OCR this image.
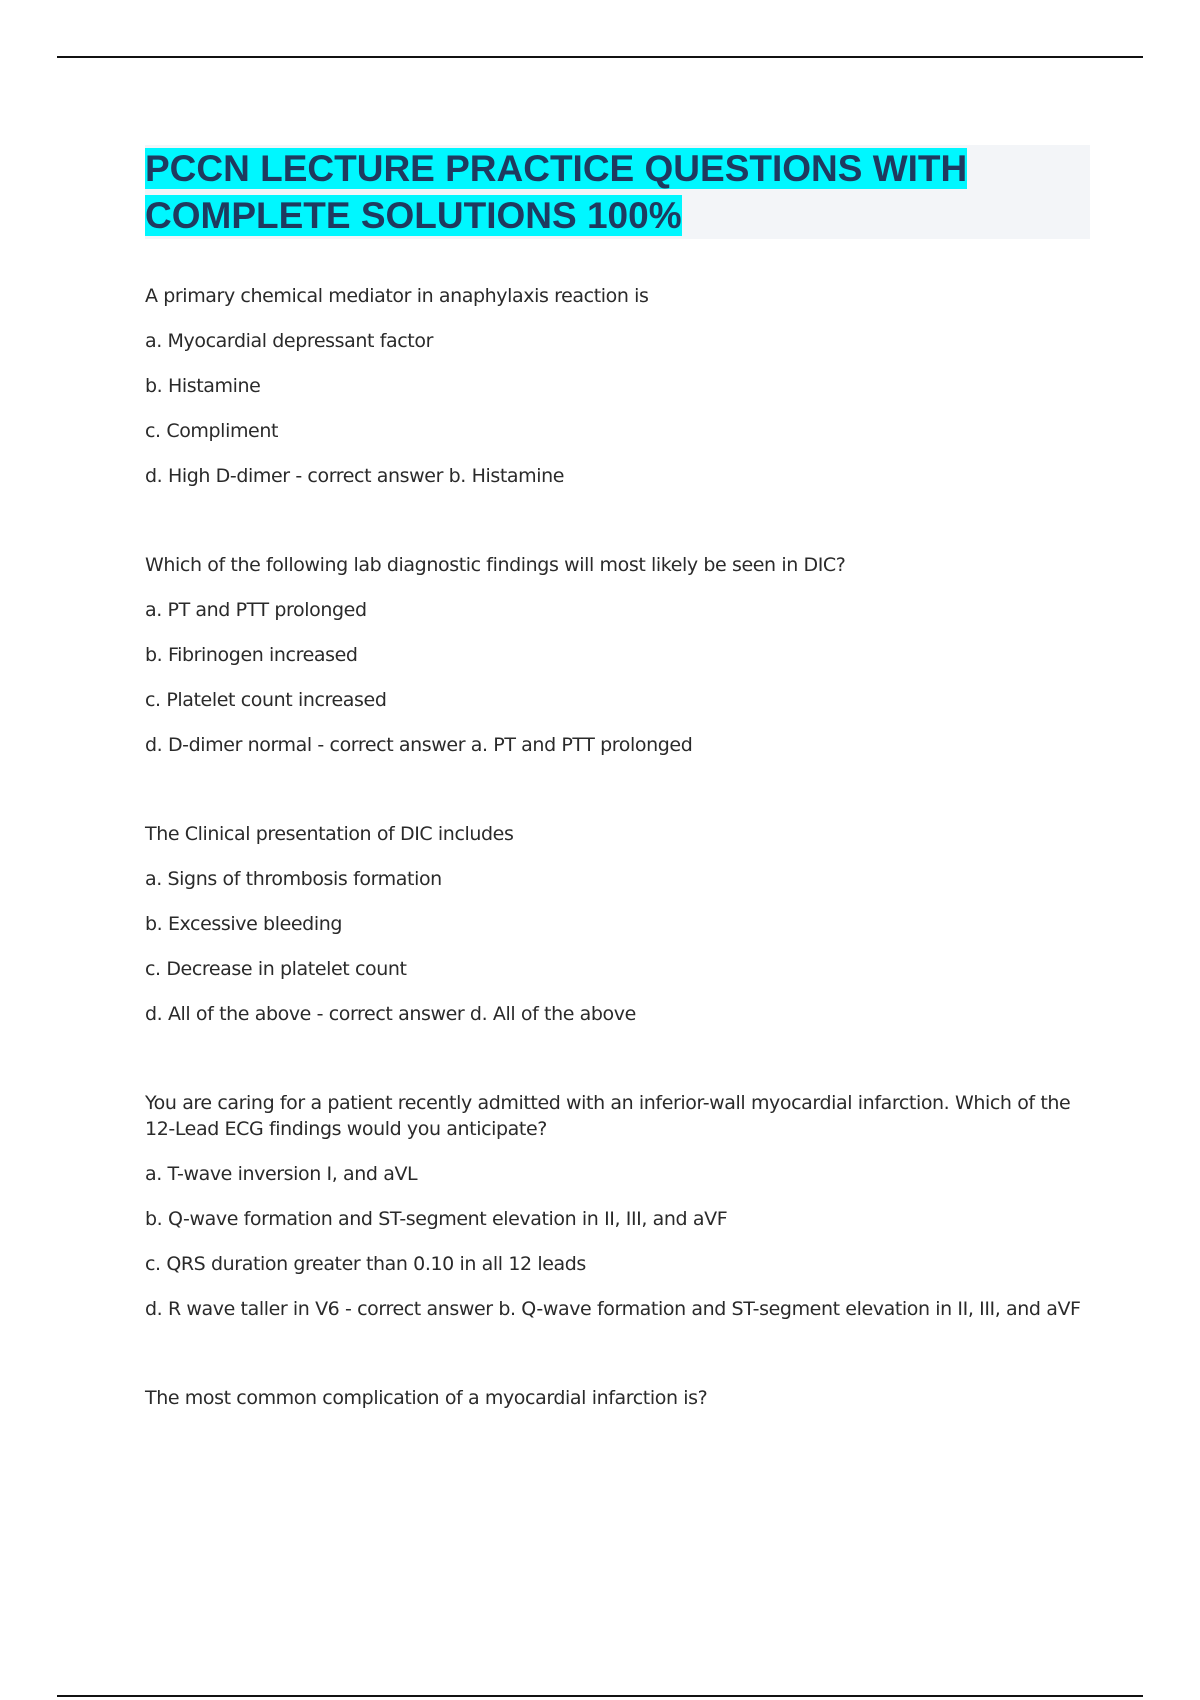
PCCN LECTURE PRACTICE QUESTIONS WITH
COMPLETE SOLUTIONS 100%

A primary chemical mediator in anaphylaxis reaction is

a. Myocardial depressant factor

b. Histamine

c. Compliment

d. High D-dimer - correct answer b. Histamine

Which of the following lab diagnostic findings will most likely be seen in DIC?

a. PT and PTT prolonged

b. Fibrinogen increased

c. Platelet count increased

d. D-dimer normal - correct answer a. PT and PTT prolonged

The Clinical presentation of DIC includes

a. Signs of thrombosis formation

b. Excessive bleeding

c. Decrease in platelet count

d. All of the above - correct answer d. All of the above

You are caring for a patient recently admitted with an inferior-wall myocardial infarction. Which of the 12-Lead ECG findings would you anticipate?

a. T-wave inversion I, and aVL

b. Q-wave formation and ST-segment elevation in II, III, and aVF

c. QRS duration greater than 0.10 in all 12 leads

d. R wave taller in V6 - correct answer b. Q-wave formation and ST-segment elevation in II, III, and aVF

The most common complication of a myocardial infarction is?
